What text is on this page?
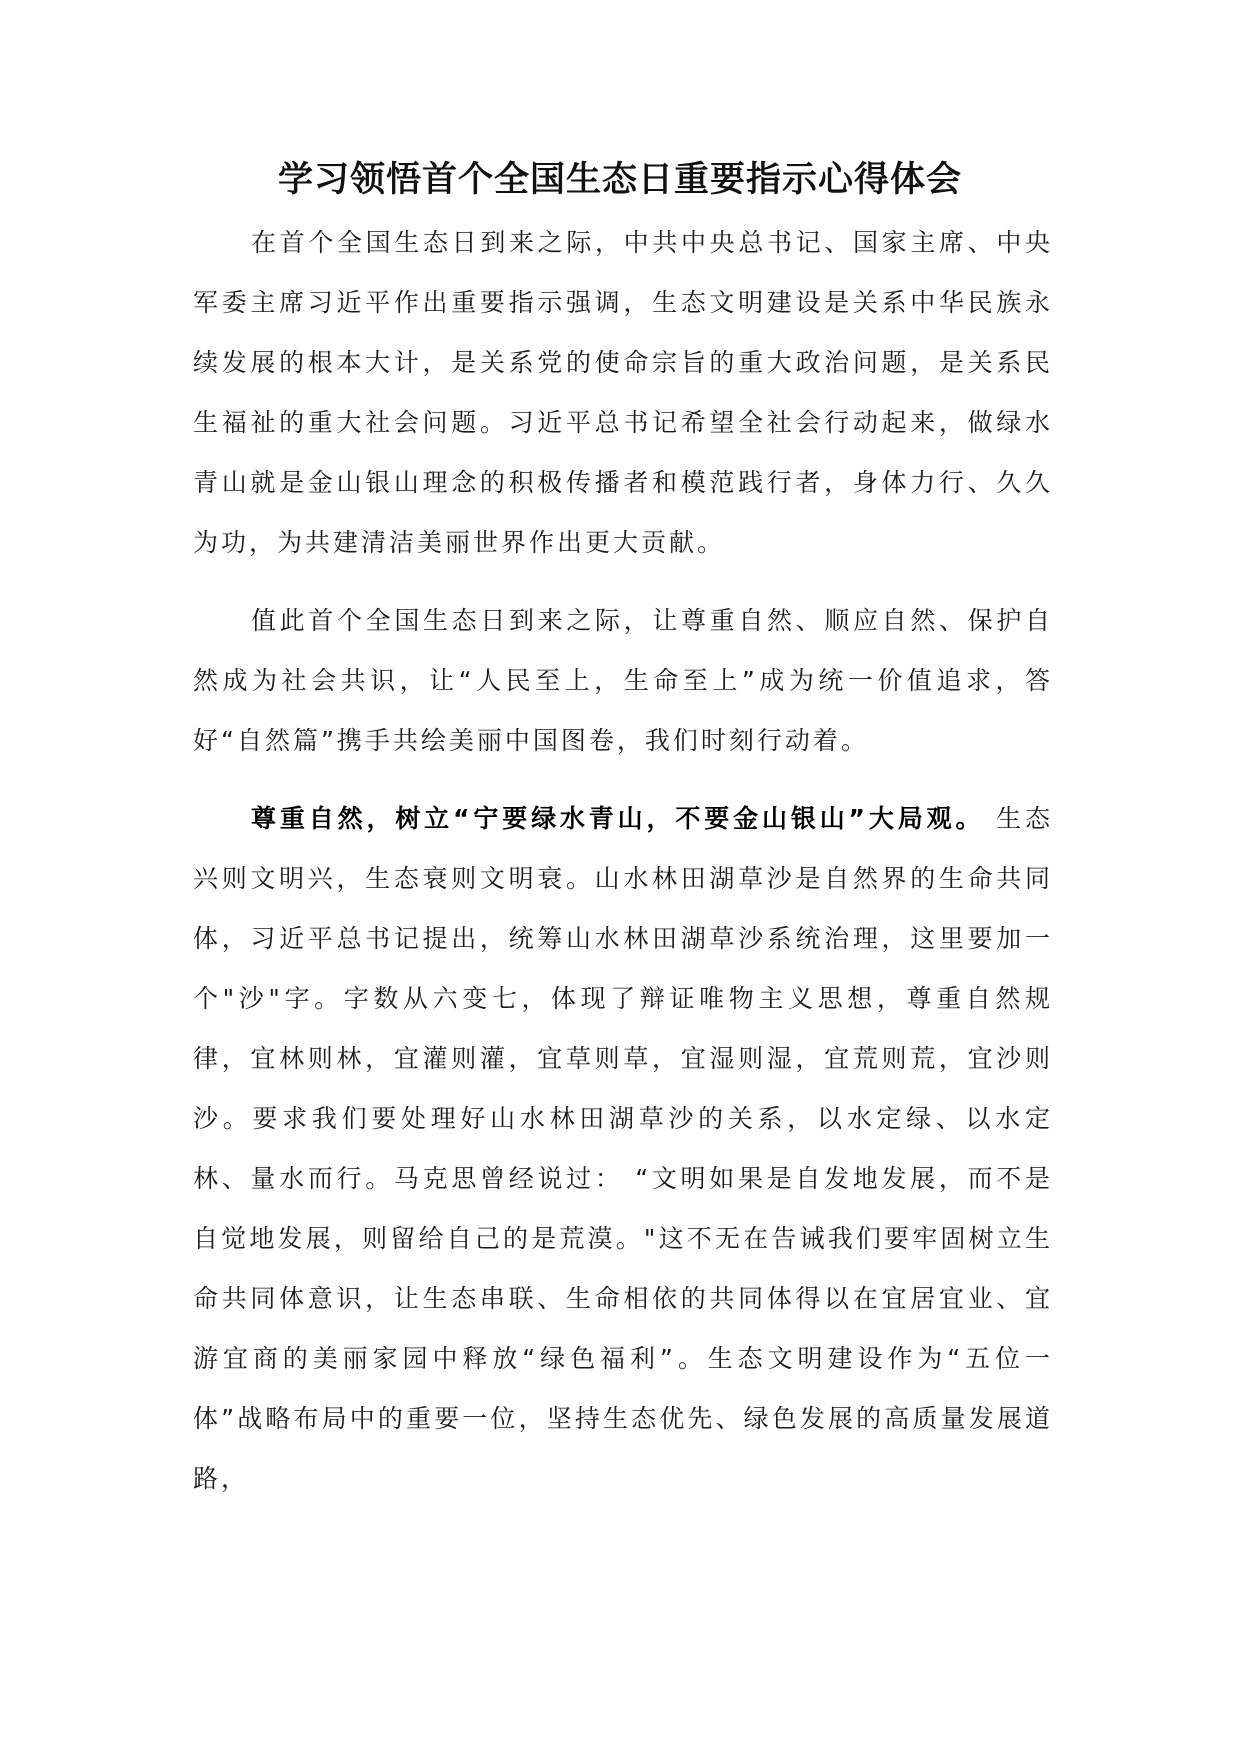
学习领悟首个全国生态日重要指示心得体会

在首个全国生态日到来之际，中共中央总书记、国家主席、中央军委主席习近平作出重要指示强调，生态文明建设是关系中华民族永续发展的根本大计，是关系党的使命宗旨的重大政治问题，是关系民生福祉的重大社会问题。习近平总书记希望全社会行动起来，做绿水青山就是金山银山理念的积极传播者和模范践行者，身体力行、久久为功，为共建清洁美丽世界作出更大贡献。

值此首个全国生态日到来之际，让尊重自然、顺应自然、保护自然成为社会共识，让“人民至上，生命至上”成为统一价值追求，答好“自然篇”携手共绘美丽中国图卷，我们时刻行动着。

尊重自然，树立“宁要绿水青山，不要金山银山”大局观。 生态兴则文明兴，生态衰则文明衰。山水林田湖草沙是自然界的生命共同体，习近平总书记提出，统筹山水林田湖草沙系统治理，这里要加一个"沙"字。字数从六变七，体现了辩证唯物主义思想，尊重自然规律，宜林则林，宜灌则灌，宜草则草，宜湿则湿，宜荒则荒，宜沙则沙。要求我们要处理好山水林田湖草沙的关系，以水定绿、以水定林、量水而行。马克思曾经说过： “文明如果是自发地发展，而不是自觉地发展，则留给自己的是荒漠。"这不无在告诫我们要牢固树立生命共同体意识，让生态串联、生命相依的共同体得以在宜居宜业、宜游宜商的美丽家园中释放“绿色福利”。生态文明建设作为“五位一体”战略布局中的重要一位，坚持生态优先、绿色发展的高质量发展道路，
